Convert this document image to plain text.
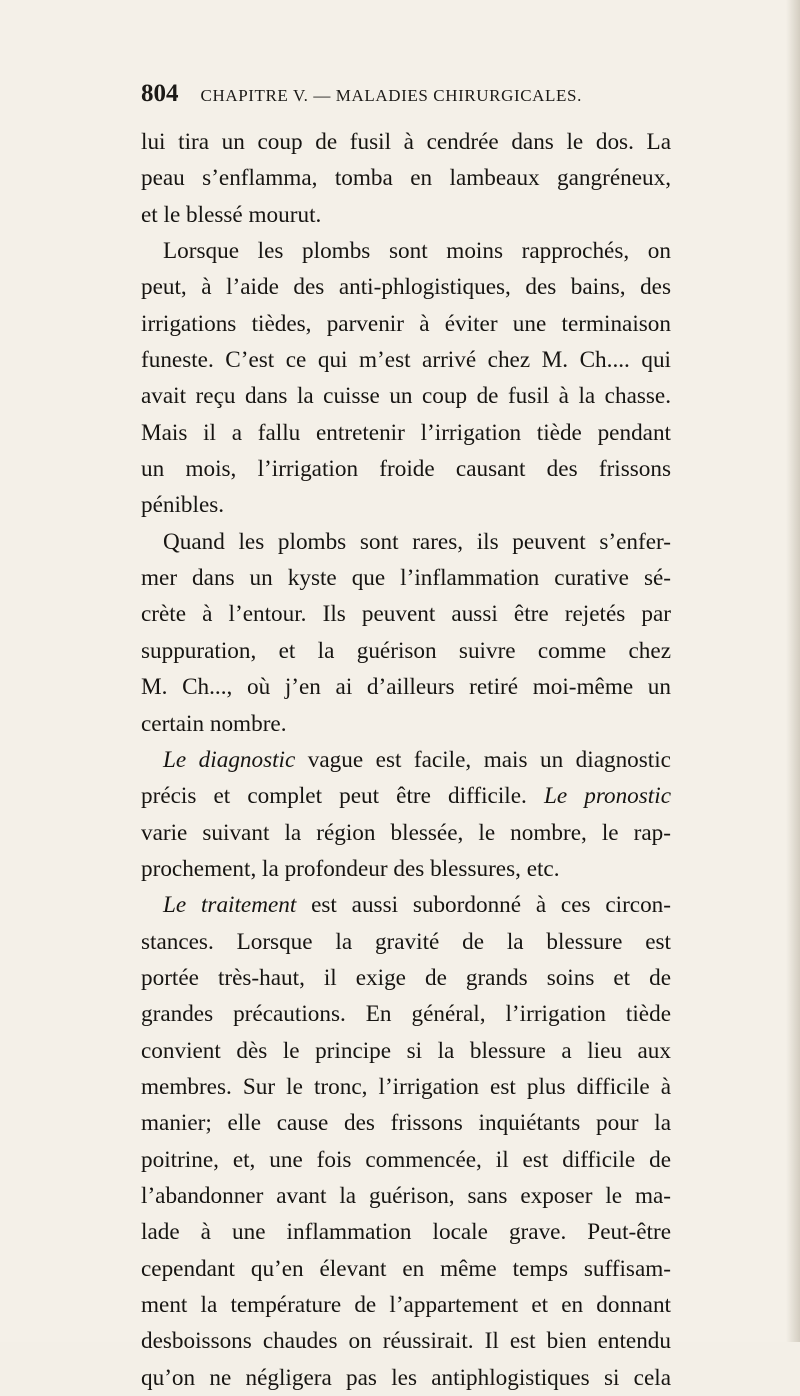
804 CHAPITRE V. — MALADIES CHIRURGICALES.
lui tira un coup de fusil à cendrée dans le dos. La
peau s’enflamma, tomba en lambeaux gangréneux,
et le blessé mourut.
Lorsque les plombs sont moins rapprochés, on
peut, à l’aide des anti-phlogistiques, des bains, des
irrigations tièdes, parvenir à éviter une terminaison
funeste. C’est ce qui m’est arrivé chez M. Ch.... qui
avait reçu dans la cuisse un coup de fusil à la chasse.
Mais il a fallu entretenir l’irrigation tiède pendant
un mois, l’irrigation froide causant des frissons
pénibles.
Quand les plombs sont rares, ils peuvent s’enfer-
mer dans un kyste que l’inflammation curative sé-
crète à l’entour. Ils peuvent aussi être rejetés par
suppuration, et la guérison suivre comme chez
M. Ch..., où j’en ai d’ailleurs retiré moi-même un
certain nombre.
Le diagnostic vague est facile, mais un diagnostic
précis et complet peut être difficile. Le pronostic
varie suivant la région blessée, le nombre, le rap-
prochement, la profondeur des blessures, etc.
Le traitement est aussi subordonné à ces circon-
stances. Lorsque la gravité de la blessure est
portée très-haut, il exige de grands soins et de
grandes précautions. En général, l’irrigation tiède
convient dès le principe si la blessure a lieu aux
membres. Sur le tronc, l’irrigation est plus difficile à
manier; elle cause des frissons inquiétants pour la
poitrine, et, une fois commencée, il est difficile de
l’abandonner avant la guérison, sans exposer le ma-
lade à une inflammation locale grave. Peut-être
cependant qu’en élevant en même temps suffisam-
ment la température de l’appartement et en donnant
desboissons chaudes on réussirait. Il est bien entendu
qu’on ne négligera pas les antiphlogistiques si cela
